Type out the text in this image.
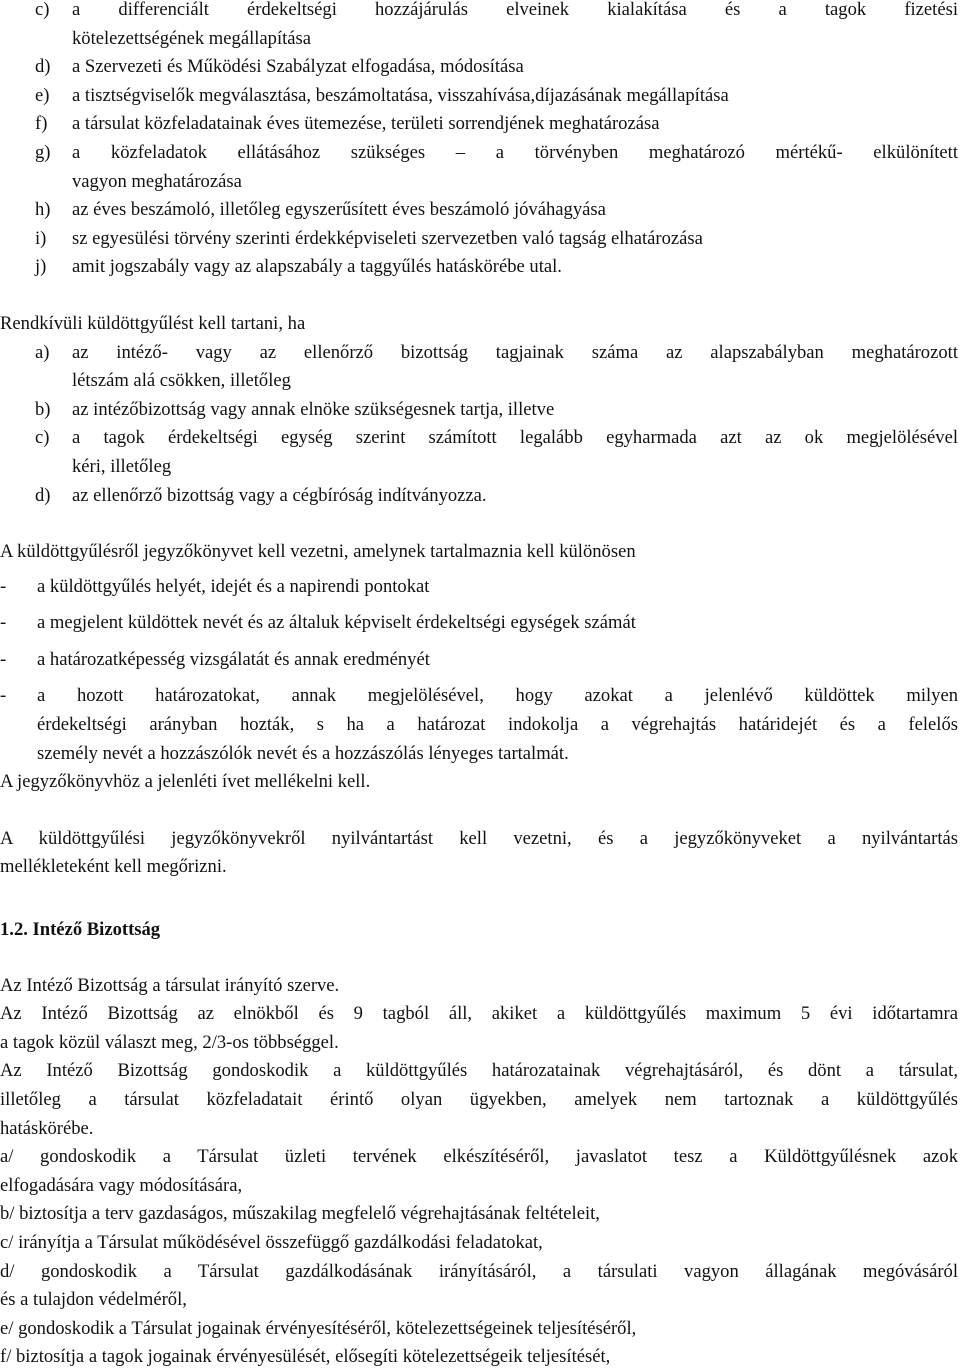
c) a differenciált érdekeltségi hozzájárulás elveinek kialakítása és a tagok fizetési
kötelezettségének megállapítása
d) a Szervezeti és Működési Szabályzat elfogadása, módosítása
e) a tisztségviselők megválasztása, beszámoltatása, visszahívása,díjazásának megállapítása
f) a társulat közfeladatainak éves ütemezése, területi sorrendjének meghatározása
g) a közfeladatok ellátásához szükséges – a törvényben meghatározó mértékű- elkülönített
vagyon meghatározása
h) az éves beszámoló, illetőleg egyszerűsített éves beszámoló jóváhagyása
i) sz egyesülési törvény szerinti érdekképviseleti szervezetben való tagság elhatározása
j) amit jogszabály vagy az alapszabály a taggyűlés hatáskörébe utal.
Rendkívüli küldöttgyűlést kell tartani, ha
a) az intéző- vagy az ellenőrző bizottság tagjainak száma az alapszabályban meghatározott
létszám alá csökken, illetőleg
b) az intézőbizottság vagy annak elnöke szükségesnek tartja, illetve
c) a tagok érdekeltségi egység szerint számított legalább egyharmada azt az ok megjelölésével
kéri, illetőleg
d) az ellenőrző bizottság vagy a cégbíróság indítványozza.
A küldöttgyűlésről jegyzőkönyvet kell vezetni, amelynek tartalmaznia kell különösen
- a küldöttgyűlés helyét, idejét és a napirendi pontokat
- a megjelent küldöttek nevét és az általuk képviselt érdekeltségi egységek számát
- a határozatképesség vizsgálatát és annak eredményét
- a hozott határozatokat, annak megjelölésével, hogy azokat a jelenlévő küldöttek milyen
érdekeltségi arányban hozták, s ha a határozat indokolja a végrehajtás határidejét és a felelős
személy nevét a hozzászólók nevét és a hozzászólás lényeges tartalmát.
A jegyzőkönyvhöz a jelenléti ívet mellékelni kell.
A küldöttgyűlési jegyzőkönyvekről nyilvántartást kell vezetni, és a jegyzőkönyveket a nyilvántartás
mellékleteként kell megőrizni.
1.2. Intéző Bizottság
Az Intéző Bizottság a társulat irányító szerve.
Az Intéző Bizottság az elnökből és 9 tagból áll, akiket a küldöttgyűlés maximum 5 évi időtartamra
a tagok közül választ meg, 2/3-os többséggel.
Az Intéző Bizottság gondoskodik a küldöttgyűlés határozatainak végrehajtásáról, és dönt a társulat,
illetőleg a társulat közfeladatait érintő olyan ügyekben, amelyek nem tartoznak a küldöttgyűlés
hatáskörébe.
a/ gondoskodik a Társulat üzleti tervének elkészítéséről, javaslatot tesz a Küldöttgyűlésnek azok
elfogadására vagy módosítására,
b/ biztosítja a terv gazdaságos, műszakilag megfelelő végrehajtásának feltételeit,
c/ irányítja a Társulat működésével összefüggő gazdálkodási feladatokat,
d/ gondoskodik a Társulat gazdálkodásának irányításáról, a társulati vagyon állagának megóvásáról
és a tulajdon védelméről,
e/ gondoskodik a Társulat jogainak érvényesítéséről, kötelezettségeinek teljesítéséről,
f/ biztosítja a tagok jogainak érvényesülését, elősegíti kötelezettségeik teljesítését,
